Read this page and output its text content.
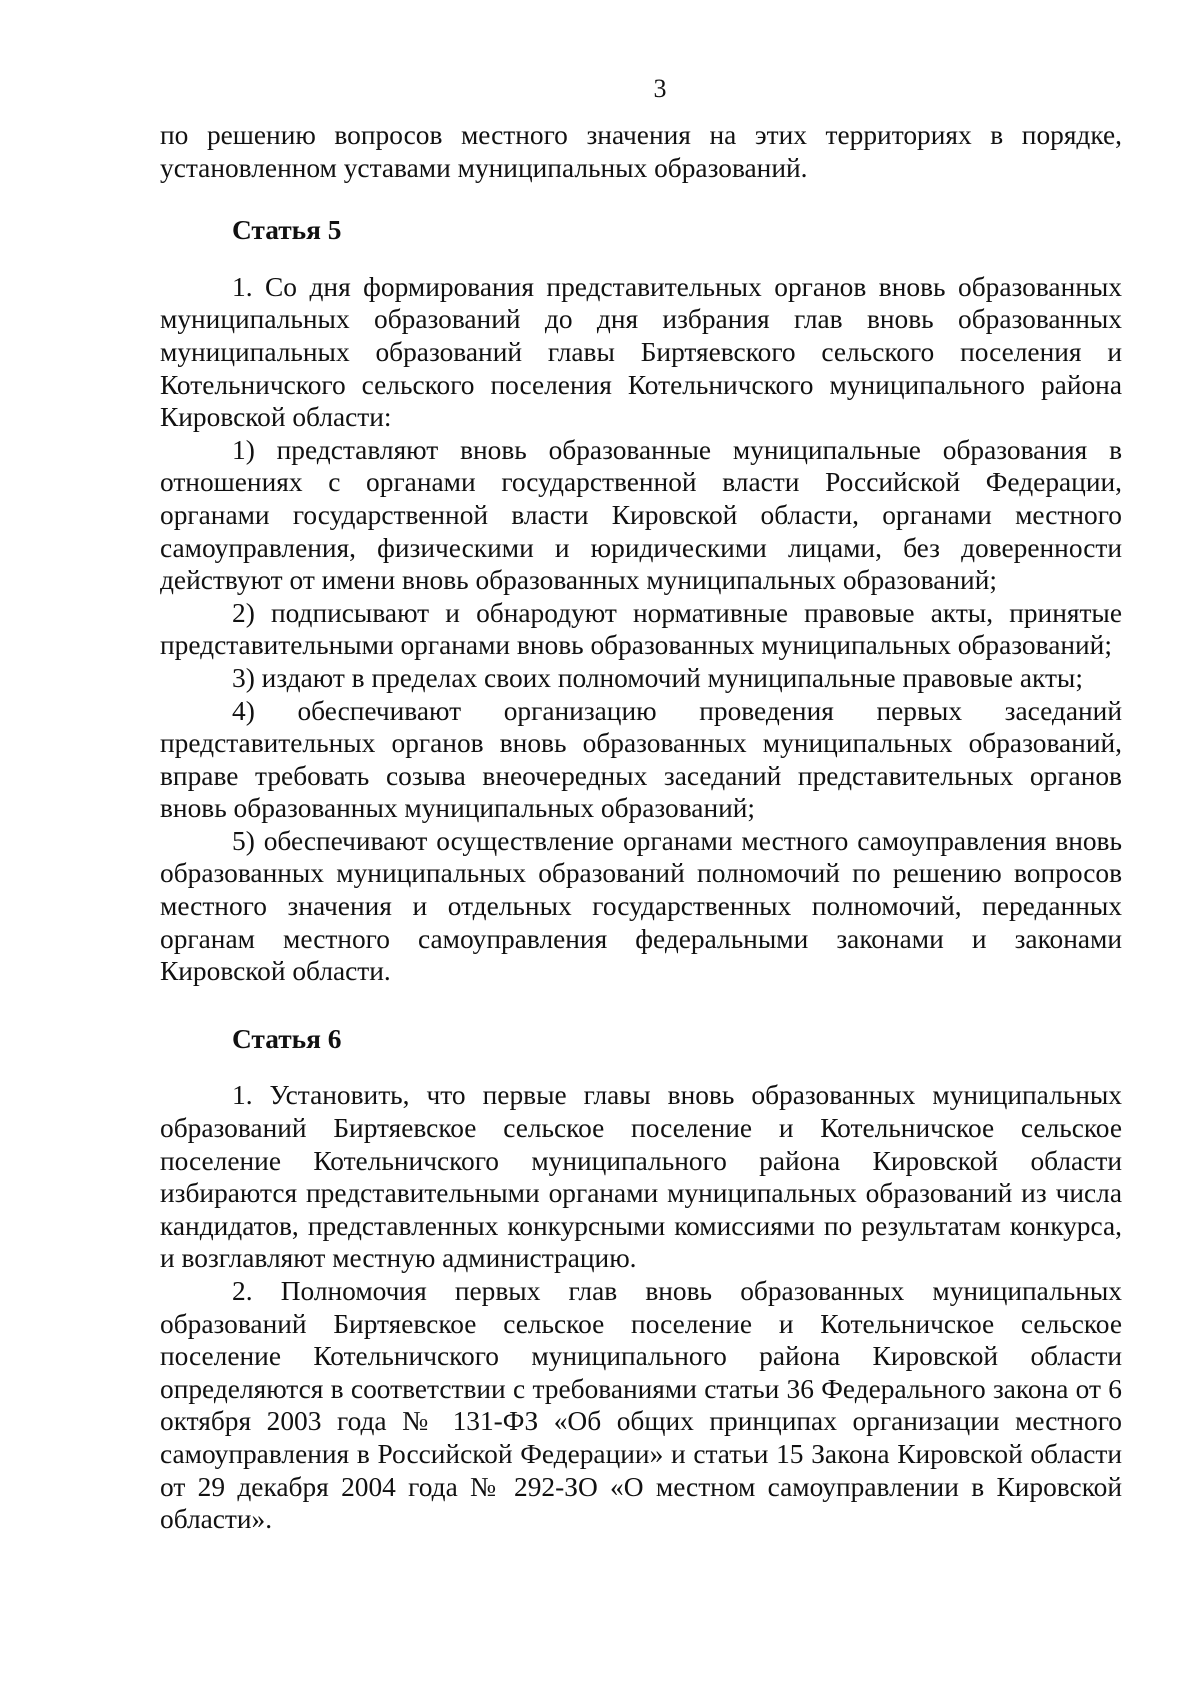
3

по решению вопросов местного значения на этих территориях в порядке, установленном уставами муниципальных образований.

Статья 5

1. Со дня формирования представительных органов вновь образованных муниципальных образований до дня избрания глав вновь образованных муниципальных образований главы Биртяевского сельского поселения и Котельничского сельского поселения Котельничского муниципального района Кировской области:

1) представляют вновь образованные муниципальные образования в отношениях с органами государственной власти Российской Федерации, органами государственной власти Кировской области, органами местного самоуправления, физическими и юридическими лицами, без доверенности действуют от имени вновь образованных муниципальных образований;

2) подписывают и обнародуют нормативные правовые акты, принятые представительными органами вновь образованных муниципальных образований;

3) издают в пределах своих полномочий муниципальные правовые акты;

4) обеспечивают организацию проведения первых заседаний представительных органов вновь образованных муниципальных образований, вправе требовать созыва внеочередных заседаний представительных органов вновь образованных муниципальных образований;

5) обеспечивают осуществление органами местного самоуправления вновь образованных муниципальных образований полномочий по решению вопросов местного значения и отдельных государственных полномочий, переданных органам местного самоуправления федеральными законами и законами Кировской области.

Статья 6

1. Установить, что первые главы вновь образованных муниципальных образований Биртяевское сельское поселение и Котельничское сельское поселение Котельничского муниципального района Кировской области избираются представительными органами муниципальных образований из числа кандидатов, представленных конкурсными комиссиями по результатам конкурса, и возглавляют местную администрацию.

2. Полномочия первых глав вновь образованных муниципальных образований Биртяевское сельское поселение и Котельничское сельское поселение Котельничского муниципального района Кировской области определяются в соответствии с требованиями статьи 36 Федерального закона от 6 октября 2003 года № 131-ФЗ «Об общих принципах организации местного самоуправления в Российской Федерации» и статьи 15 Закона Кировской области от 29 декабря 2004 года № 292-ЗО «О местном самоуправлении в Кировской области».
